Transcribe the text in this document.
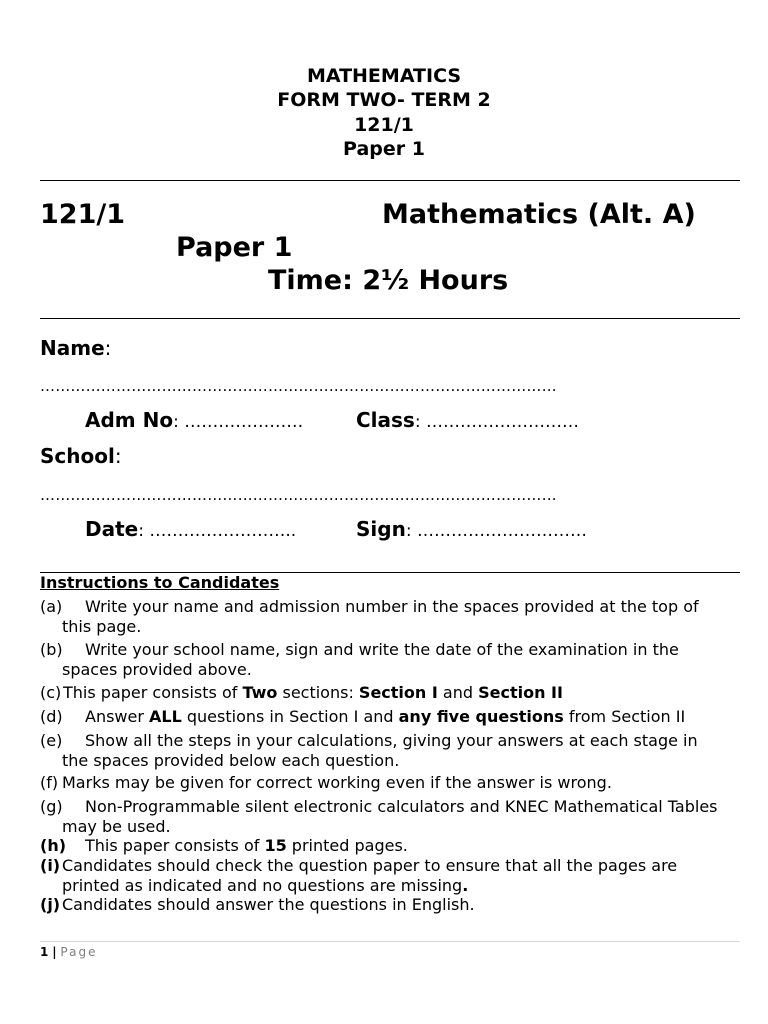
MATHEMATICS
FORM TWO- TERM 2
121/1
Paper 1
121/1	Mathematics (Alt. A)
Paper 1
Time: 2½ Hours
Name:
…………………………………………………………………………………………
Adm No: …………………	Class: ………………………
School:
…………………………………………………………………………………………
Date: ……………………..	Sign: …………………………
Instructions to Candidates
(a)	Write your name and admission number in the spaces provided at the top of
this page.
(b)	Write your school name, sign and write the date of the examination in the
spaces provided above.
(c) This paper consists of Two sections: Section I and Section II
(d)	Answer ALL questions in Section I and any five questions from Section II
(e)	Show all the steps in your calculations, giving your answers at each stage in
the spaces provided below each question.
(f) Marks may be given for correct working even if the answer is wrong.
(g)	Non-Programmable silent electronic calculators and KNEC Mathematical Tables
may be used.
(h)	This paper consists of 15 printed pages.
(i) Candidates should check the question paper to ensure that all the pages are
printed as indicated and no questions are missing.
(j) Candidates should answer the questions in English.
1 | Page
